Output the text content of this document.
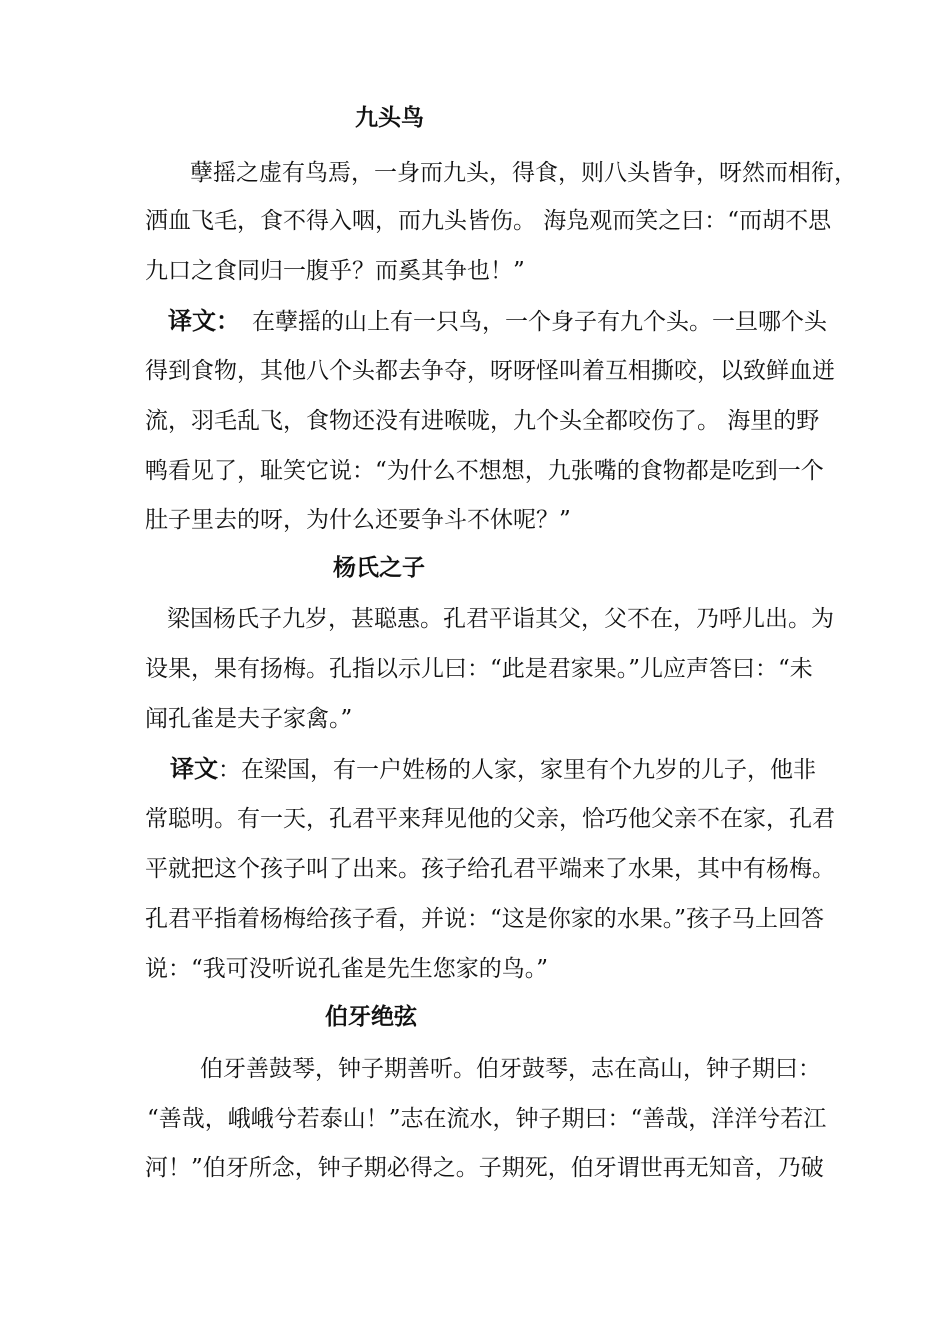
九头鸟
孽摇之虚有鸟焉，一身而九头，得食，则八头皆争，呀然而相衔，
洒血飞毛，食不得入咽，而九头皆伤。 海凫观而笑之曰：“而胡不思
九口之食同归一腹乎？而奚其争也！”
译文： 在孽摇的山上有一只鸟，一个身子有九个头。一旦哪个头
得到食物，其他八个头都去争夺，呀呀怪叫着互相撕咬，以致鲜血迸
流，羽毛乱飞，食物还没有进喉咙，九个头全都咬伤了。 海里的野
鸭看见了，耻笑它说：“为什么不想想，九张嘴的食物都是吃到一个
肚子里去的呀，为什么还要争斗不休呢？”
杨氏之子
梁国杨氏子九岁，甚聪惠。孔君平诣其父，父不在，乃呼儿出。为
设果，果有扬梅。孔指以示儿曰：“此是君家果。”儿应声答曰：“未
闻孔雀是夫子家禽。”
译文：在梁国，有一户姓杨的人家，家里有个九岁的儿子，他非
常聪明。有一天，孔君平来拜见他的父亲，恰巧他父亲不在家，孔君
平就把这个孩子叫了出来。孩子给孔君平端来了水果，其中有杨梅。
孔君平指着杨梅给孩子看，并说：“这是你家的水果。”孩子马上回答
说：“我可没听说孔雀是先生您家的鸟。”
伯牙绝弦
伯牙善鼓琴，钟子期善听。伯牙鼓琴，志在高山，钟子期曰：
“善哉，峨峨兮若泰山！”志在流水，钟子期曰：“善哉，洋洋兮若江
河！”伯牙所念，钟子期必得之。子期死，伯牙谓世再无知音，乃破
